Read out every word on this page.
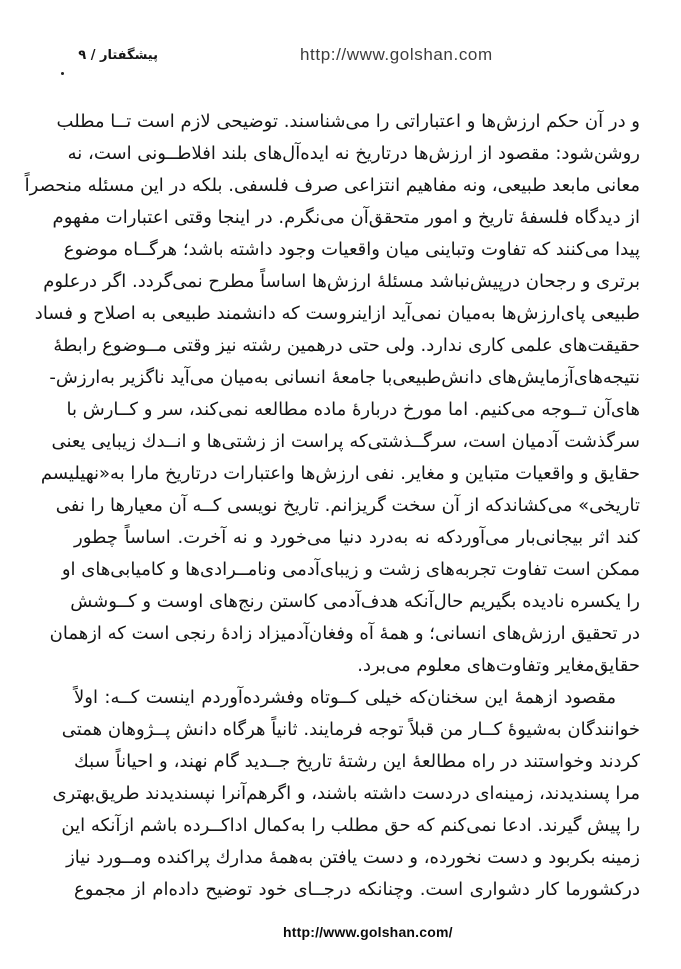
پیشگفتار / ۹	http://www.golshan.com
و در آن حکم ارزش‌ها و اعتباراتی را می‌شناسند. توضیحی لازم است تــا مطلب
روشن‌شود: مقصود از ارزش‌ها درتاریخ نه ایده‌آل‌های بلند افلاطــونی است، نه
معانی مابعد طبیعی، ونه مفاهیم انتزاعی صرف فلسفی. بلکه در این مسئله منحصراً
از دیدگاه فلسفهٔ تاریخ و امور متحقق‌آن می‌نگرم. در اینجا وقتی اعتبارات مفهوم
پیدا می‌کنند که تفاوت وتباینی میان واقعیات وجود داشته باشد؛ هرگــاه موضوع
برتری و رجحان درپیش‌نباشد مسئلهٔ ارزش‌ها اساساً مطرح نمی‌گردد. اگر درعلوم
طبیعی پای‌ارزش‌ها به‌میان نمی‌آید ازاینروست که دانشمند طبیعی به اصلاح و فساد
حقیقت‌های علمی کاری ندارد. ولی حتی درهمین رشته نیز وقتی مــوضوع رابطهٔ
نتیجه‌های‌آزمایش‌های دانش‌طبیعی‌با جامعهٔ انسانی به‌میان می‌آید ناگزیر به‌ارزش-
های‌آن تــوجه می‌کنیم. اما مورخ دربارهٔ ماده مطالعه نمی‌کند، سر و کــارش با
سرگذشت آدمیان است، سرگــذشتی‌که پراست از زشتی‌ها و انــدك زیبایی یعنی
حقایق و واقعیات متباین و مغایر. نفی ارزش‌ها واعتبارات درتاریخ مارا به«نهیلیسم
تاریخی» می‌کشاندکه از آن سخت گریزانم. تاریخ نویسی کــه آن معیارها را نفی
کند اثر بیجانی‌بار می‌آوردکه نه به‌درد دنیا می‌خورد و نه آخرت. اساساً چطور
ممکن است تفاوت تجربه‌های زشت و زیبای‌آدمی ونامــرادی‌ها و کامیابی‌های او
را یکسره نادیده بگیریم حال‌آنکه هدف‌آدمی کاستن رنج‌های اوست و کــوشش
در تحقیق ارزش‌های انسانی؛ و همهٔ آه وفغان‌آدمیزاد زادهٔ رنجی است که ازهمان
حقایق‌مغایر وتفاوت‌های معلوم می‌برد.
مقصود ازهمهٔ این سخنان‌که خیلی کــوتاه وفشرده‌آوردم اینست کــه: اولاً
خوانندگان به‌شیوهٔ کــار من قبلاً توجه فرمایند. ثانیاً هرگاه دانش پــژوهان همتی
کردند وخواستند در راه مطالعهٔ این رشتهٔ تاریخ جــدید گام نهند، و احیاناً سبك
مرا پسندیدند، زمینه‌ای دردست داشته باشند، و اگرهم‌آنرا نپسندیدند طریق‌بهتری
را پیش گیرند. ادعا نمی‌کنم که حق مطلب را به‌کمال اداکــرده باشم ازآنکه این
زمینه بکربود و دست نخورده، و دست یافتن به‌همهٔ مدارك پراکنده ومــورد نیاز
درکشورما کار دشواری است. وچنانکه درجــای خود توضیح داده‌ام از مجموع
http://www.golshan.com/
